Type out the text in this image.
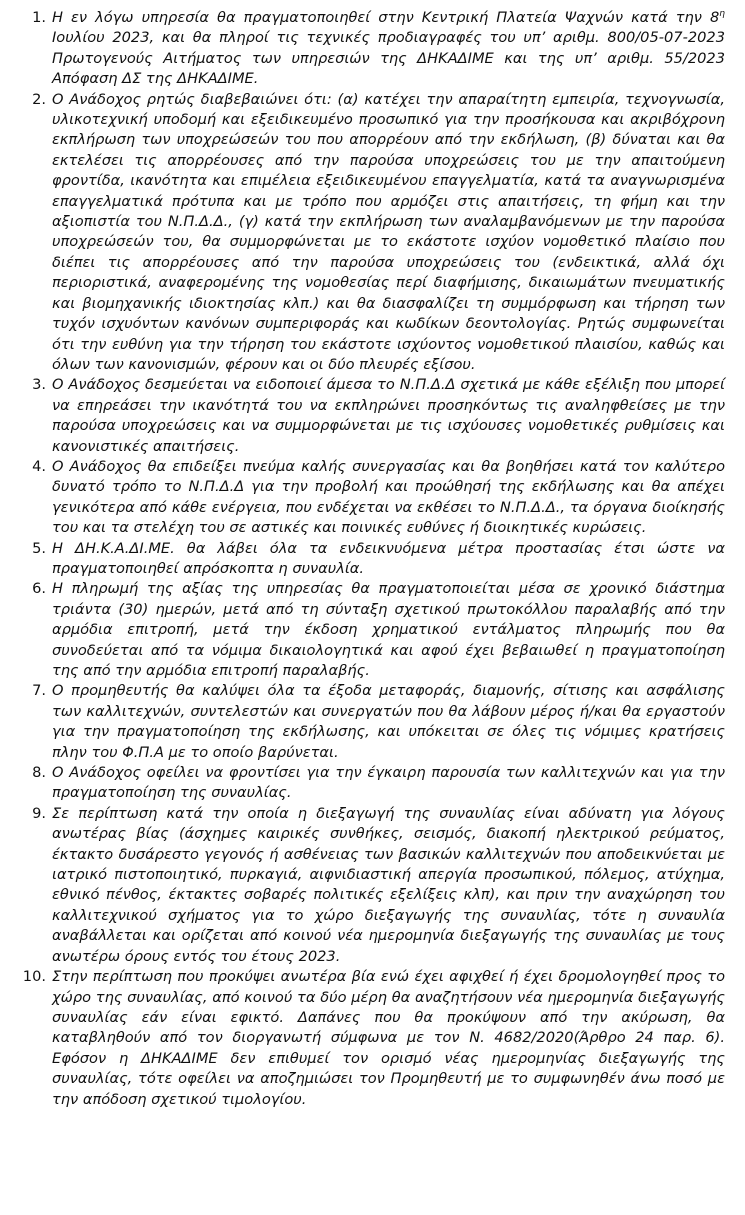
1. Η εν λόγω υπηρεσία θα πραγματοποιηθεί στην Κεντρική Πλατεία Ψαχνών κατά την $8^\eta$ Ιουλίου 2023, και θα πληροί τις τεχνικές προδιαγραφές του υπ’ αριθμ. 800/05-07-2023 Πρωτογενούς Αιτήματος των υπηρεσιών της ΔΗΚΑΔΙΜΕ και της υπ’ αριθμ. 55/2023 Απόφαση ΔΣ της ΔΗΚΑΔΙΜΕ.
2. Ο Ανάδοχος ρητώς διαβεβαιώνει ότι: (α) κατέχει την απαραίτητη εμπειρία, τεχνογνωσία, υλικοτεχνική υποδομή και εξειδικευμένο προσωπικό για την προσήκουσα και ακριβόχρονη εκπλήρωση των υποχρεώσεών του που απορρέουν από την εκδήλωση, (β) δύναται και θα εκτελέσει τις απορρέουσες από την παρούσα υποχρεώσεις του με την απαιτούμενη φροντίδα, ικανότητα και επιμέλεια εξειδικευμένου επαγγελματία, κατά τα αναγνωρισμένα επαγγελματικά πρότυπα και με τρόπο που αρμόζει στις απαιτήσεις, τη φήμη και την αξιοπιστία του Ν.Π.Δ.Δ., (γ) κατά την εκπλήρωση των αναλαμβανόμενων με την παρούσα υποχρεώσεών του, θα συμμορφώνεται με το εκάστοτε ισχύον νομοθετικό πλαίσιο που διέπει τις απορρέουσες από την παρούσα υποχρεώσεις του (ενδεικτικά, αλλά όχι περιοριστικά, αναφερομένης της νομοθεσίας περί διαφήμισης, δικαιωμάτων πνευματικής και βιομηχανικής ιδιοκτησίας κλπ.) και θα διασφαλίζει τη συμμόρφωση και τήρηση των τυχόν ισχυόντων κανόνων συμπεριφοράς και κωδίκων δεοντολογίας. Ρητώς συμφωνείται ότι την ευθύνη για την τήρηση του εκάστοτε ισχύοντος νομοθετικού πλαισίου, καθώς και όλων των κανονισμών, φέρουν και οι δύο πλευρές εξίσου.
3. Ο Ανάδοχος δεσμεύεται να ειδοποιεί άμεσα το Ν.Π.Δ.Δ σχετικά με κάθε εξέλιξη που μπορεί να επηρεάσει την ικανότητά του να εκπληρώνει προσηκόντως τις αναληφθείσες με την παρούσα υποχρεώσεις και να συμμορφώνεται με τις ισχύουσες νομοθετικές ρυθμίσεις και κανονιστικές απαιτήσεις.
4. Ο Ανάδοχος θα επιδείξει πνεύμα καλής συνεργασίας και θα βοηθήσει κατά τον καλύτερο δυνατό τρόπο το Ν.Π.Δ.Δ για την προβολή και προώθησή της εκδήλωσης και θα απέχει γενικότερα από κάθε ενέργεια, που ενδέχεται να εκθέσει το Ν.Π.Δ.Δ., τα όργανα διοίκησής του και τα στελέχη του σε αστικές και ποινικές ευθύνες ή διοικητικές κυρώσεις.
5. Η ΔΗ.Κ.Α.ΔΙ.ΜΕ. θα λάβει όλα τα ενδεικνυόμενα μέτρα προστασίας έτσι ώστε να πραγματοποιηθεί απρόσκοπτα η συναυλία.
6. Η πληρωμή της αξίας της υπηρεσίας θα πραγματοποιείται μέσα σε χρονικό διάστημα τριάντα (30) ημερών, μετά από τη σύνταξη σχετικού πρωτοκόλλου παραλαβής από την αρμόδια επιτροπή, μετά την έκδοση χρηματικού εντάλματος πληρωμής που θα συνοδεύεται από τα νόμιμα δικαιολογητικά και αφού έχει βεβαιωθεί η πραγματοποίηση της από την αρμόδια επιτροπή παραλαβής.
7. Ο προμηθευτής θα καλύψει όλα τα έξοδα μεταφοράς, διαμονής, σίτισης και ασφάλισης των καλλιτεχνών, συντελεστών και συνεργατών που θα λάβουν μέρος ή/και θα εργαστούν για την πραγματοποίηση της εκδήλωσης, και υπόκειται σε όλες τις νόμιμες κρατήσεις πλην του Φ.Π.Α με το οποίο βαρύνεται.
8. Ο Ανάδοχος οφείλει να φροντίσει για την έγκαιρη παρουσία των καλλιτεχνών και για την πραγματοποίηση της συναυλίας.
9. Σε περίπτωση κατά την οποία η διεξαγωγή της συναυλίας είναι αδύνατη για λόγους ανωτέρας βίας (άσχημες καιρικές συνθήκες, σεισμός, διακοπή ηλεκτρικού ρεύματος, έκτακτο δυσάρεστο γεγονός ή ασθένειας των βασικών καλλιτεχνών που αποδεικνύεται με ιατρικό πιστοποιητικό, πυρκαγιά, αιφνιδιαστική απεργία προσωπικού, πόλεμος, ατύχημα, εθνικό πένθος, έκτακτες σοβαρές πολιτικές εξελίξεις κλπ), και πριν την αναχώρηση του καλλιτεχνικού σχήματος για το χώρο διεξαγωγής της συναυλίας, τότε η συναυλία αναβάλλεται και ορίζεται από κοινού νέα ημερομηνία διεξαγωγής της συναυλίας με τους ανωτέρω όρους εντός του έτους 2023.
10. Στην περίπτωση που προκύψει ανωτέρα βία ενώ έχει αφιχθεί ή έχει δρομολογηθεί προς το χώρο της συναυλίας, από κοινού τα δύο μέρη θα αναζητήσουν νέα ημερομηνία διεξαγωγής συναυλίας εάν είναι εφικτό. Δαπάνες που θα προκύψουν από την ακύρωση, θα καταβληθούν από τον διοργανωτή σύμφωνα με τον Ν. 4682/2020(Άρθρο 24 παρ. 6). Εφόσον η ΔΗΚΑΔΙΜΕ δεν επιθυμεί τον ορισμό νέας ημερομηνίας διεξαγωγής της συναυλίας, τότε οφείλει να αποζημιώσει τον Προμηθευτή με το συμφωνηθέν άνω ποσό με την απόδοση σχετικού τιμολογίου.
